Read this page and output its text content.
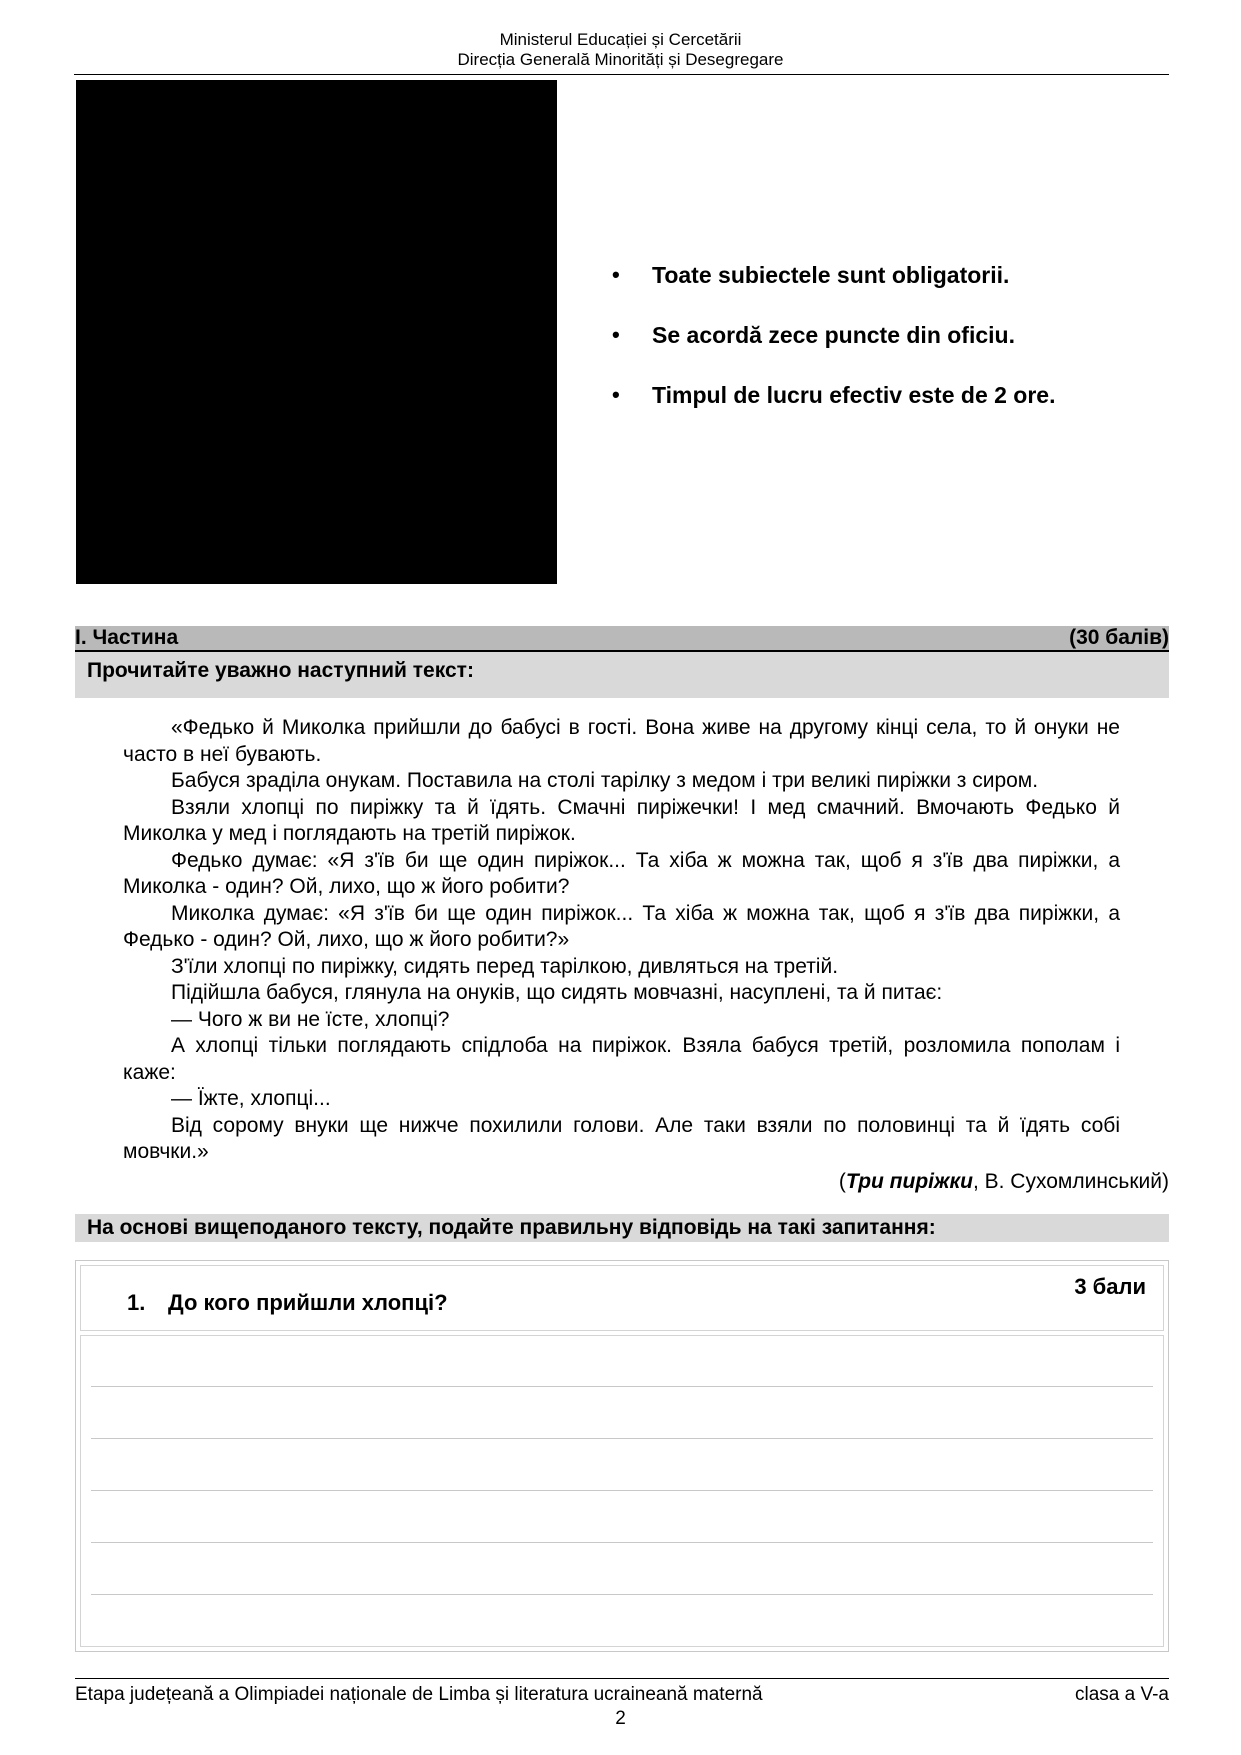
Ministerul Educației și Cercetării
Direcția Generală Minorități și Desegregare
• Toate subiectele sunt obligatorii.
• Se acordă zece puncte din oficiu.
• Timpul de lucru efectiv este de 2 ore.
I. Частина	(30 балів)
Прочитайте уважно наступний текст:

«Федько й Миколка прийшли до бабусі в гості. Вона живе на другому кінці села, то й онуки не часто в неї бувають.

Бабуся зраділа онукам. Поставила на столі тарілку з медом і три великі пиріжки з сиром.

Взяли хлопці по пиріжку та й їдять. Смачні пиріжечки! І мед смачний. Вмочають Федько й Миколка у мед і поглядають на третій пиріжок.

Федько думає: «Я з'їв би ще один пиріжок... Та хіба ж можна так, щоб я з'їв два пиріжки, а Миколка - один? Ой, лихо, що ж його робити?

Миколка думає: «Я з'їв би ще один пиріжок... Та хіба ж можна так, щоб я з'їв два пиріжки, а Федько - один? Ой, лихо, що ж його робити?»

З'їли хлопці по пиріжку, сидять перед тарілкою, дивляться на третій.

Підійшла бабуся, глянула на онуків, що сидять мовчазні, насуплені, та й питає:

— Чого ж ви не їсте, хлопці?

А хлопці тільки поглядають спідлоба на пиріжок. Взяла бабуся третій, розломила пополам і каже:

— Їжте, хлопці...

Від сорому внуки ще нижче похилили голови. Але таки взяли по половинці та й їдять собі мовчки.»

(Три пиріжки, В. Сухомлинський)
На основі вищеподаного тексту, подайте правильну відповідь на такі запитання:
1. До кого прийшли хлопці?
3 бали
Etapa județeană a Olimpiadei naționale de Limba și literatura ucraineană maternă	clasa a V-a
2
